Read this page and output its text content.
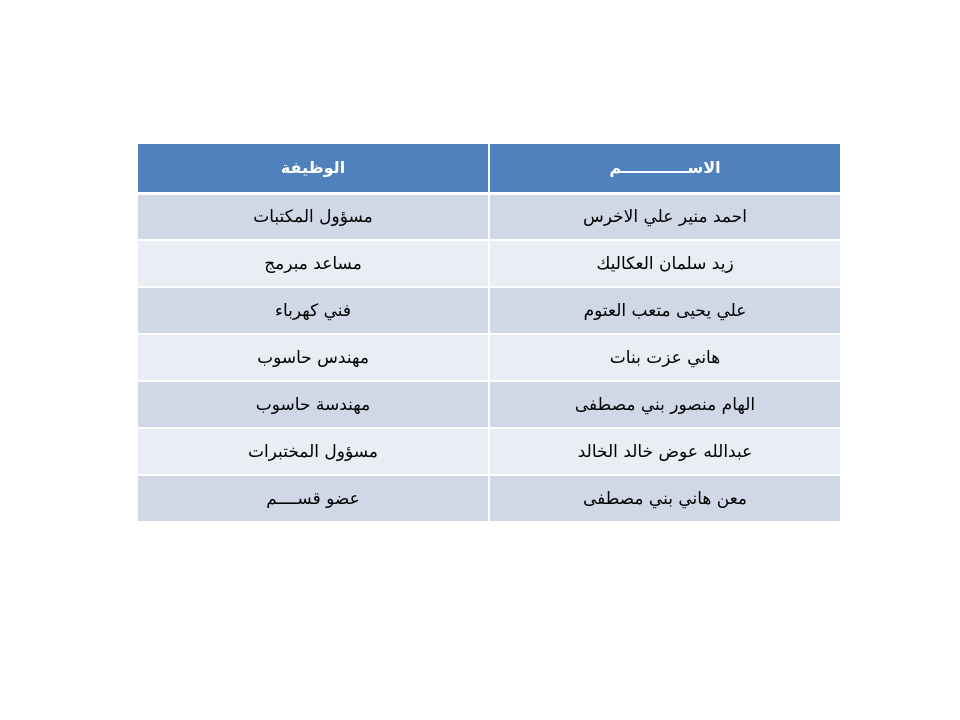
الاســــــــــــم	الوظيفة
احمد منير علي الاخرس	مسؤول المكتبات
زيد سلمان العكاليك	مساعد مبرمج
علي يحيى متعب العتوم	فني كهرباء
هاني عزت بنات	مهندس حاسوب
الهام منصور بني مصطفى	مهندسة حاسوب
عبدالله عوض خالد الخالد	مسؤول المختبرات
معن هاني بني مصطفى	عضو قســــم
